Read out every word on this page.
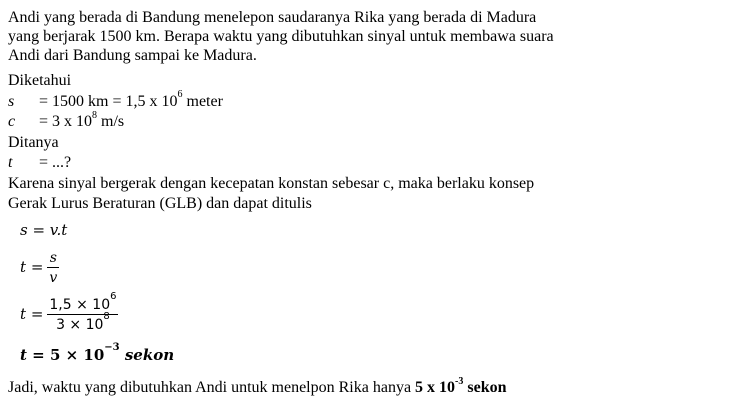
Andi yang berada di Bandung menelepon saudaranya Rika yang berada di Madura
yang berjarak 1500 km. Berapa waktu yang dibutuhkan sinyal untuk membawa suara
Andi dari Bandung sampai ke Madura.
Diketahui
s = 1500 km = 1,5 x $10^6$ meter
c = 3 x $10^8$ m/s
Ditanya
t = ...?
Karena sinyal bergerak dengan kecepatan konstan sebesar c, maka berlaku konsep
Gerak Lurus Beraturan (GLB) dan dapat ditulis
s = v.t
$t = \frac{s}{v}$
$t = \frac{1,5 \times 10^6}{3 \times 10^8}$
$t = 5 \times 10^{-3}$ sekon
Jadi, waktu yang dibutuhkan Andi untuk menelpon Rika hanya 5 x $10^{-3}$ sekon
